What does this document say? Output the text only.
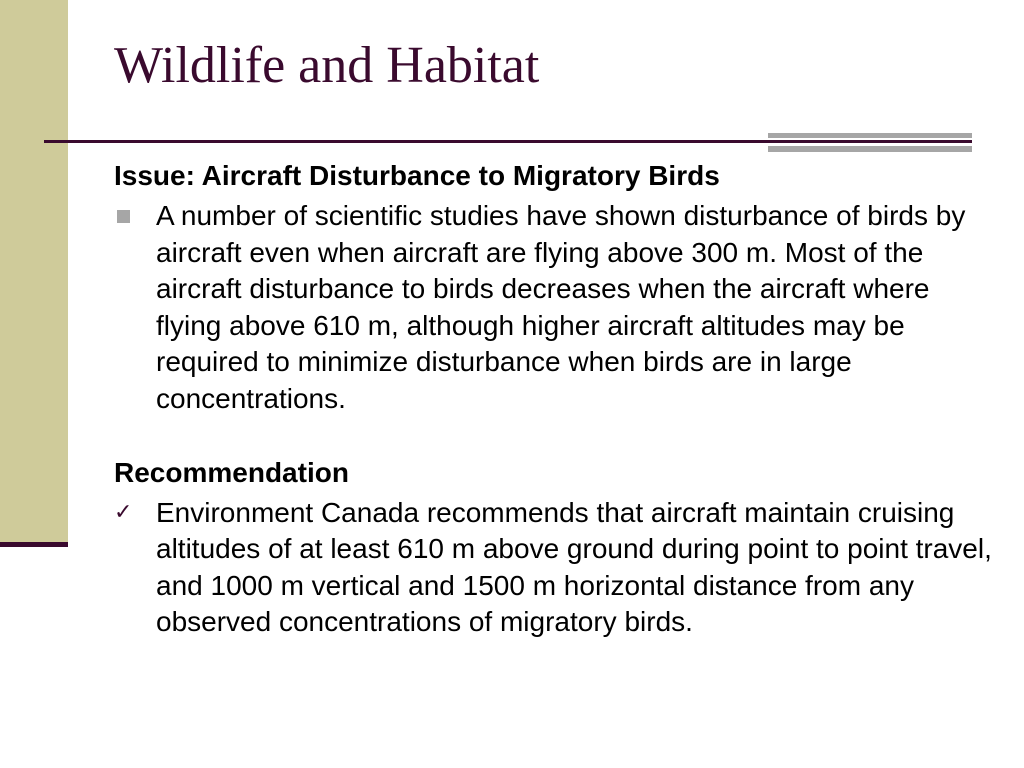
Wildlife and Habitat

Issue: Aircraft Disturbance to Migratory Birds

A number of scientific studies have shown disturbance of birds by aircraft even when aircraft are flying above 300 m. Most of the aircraft disturbance to birds decreases when the aircraft where flying above 610 m, although higher aircraft altitudes may be required to minimize disturbance when birds are in large concentrations.

Recommendation

✓ Environment Canada recommends that aircraft maintain cruising altitudes of at least 610 m above ground during point to point travel, and 1000 m vertical and 1500 m horizontal distance from any observed concentrations of migratory birds.
